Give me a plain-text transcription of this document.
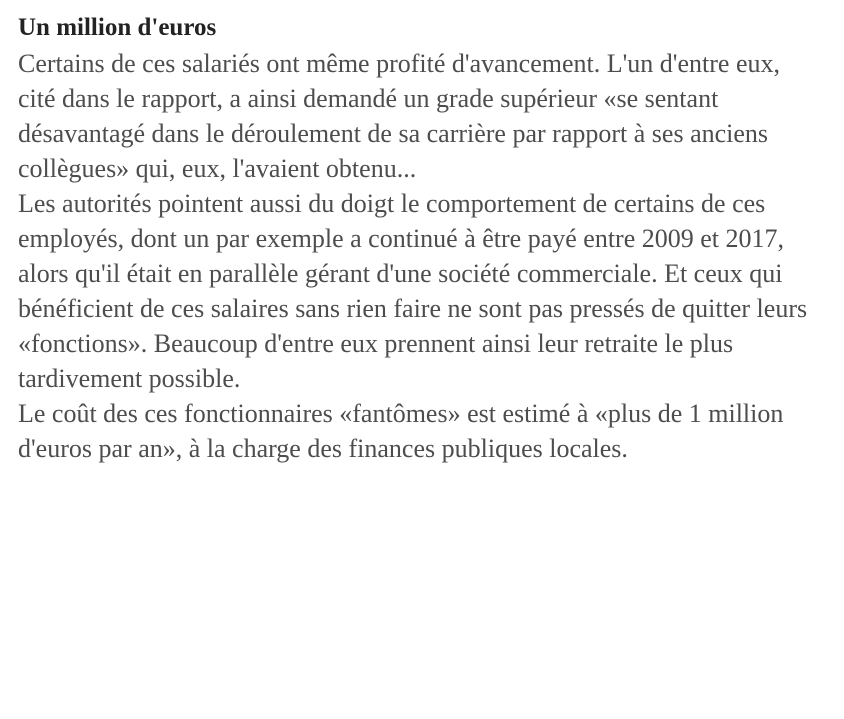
Un million d'euros

Certains de ces salariés ont même profité d'avancement. L'un d'entre eux, cité dans le rapport, a ainsi demandé un grade supérieur «se sentant désavantagé dans le déroulement de sa carrière par rapport à ses anciens collègues» qui, eux, l'avaient obtenu...

Les autorités pointent aussi du doigt le comportement de certains de ces employés, dont un par exemple a continué à être payé entre 2009 et 2017, alors qu'il était en parallèle gérant d'une société commerciale. Et ceux qui bénéficient de ces salaires sans rien faire ne sont pas pressés de quitter leurs «fonctions». Beaucoup d'entre eux prennent ainsi leur retraite le plus tardivement possible.

Le coût des ces fonctionnaires «fantômes» est estimé à «plus de 1 million d'euros par an», à la charge des finances publiques locales.
